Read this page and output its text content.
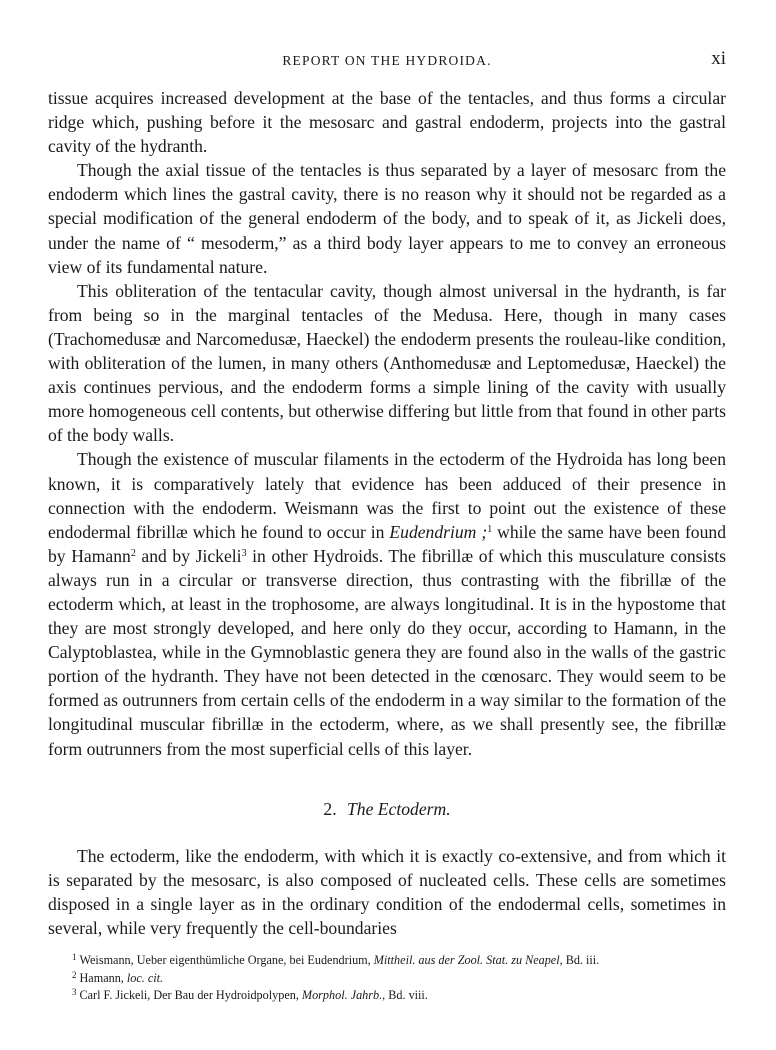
REPORT ON THE HYDROIDA.	xi

tissue acquires increased development at the base of the tentacles, and thus forms a circular ridge which, pushing before it the mesosarc and gastral endoderm, projects into the gastral cavity of the hydranth.

Though the axial tissue of the tentacles is thus separated by a layer of mesosarc from the endoderm which lines the gastral cavity, there is no reason why it should not be regarded as a special modification of the general endoderm of the body, and to speak of it, as Jickeli does, under the name of “ mesoderm,” as a third body layer appears to me to convey an erroneous view of its fundamental nature.

This obliteration of the tentacular cavity, though almost universal in the hydranth, is far from being so in the marginal tentacles of the Medusa. Here, though in many cases (Trachomedusæ and Narcomedusæ, Haeckel) the endoderm presents the rouleau-like condition, with obliteration of the lumen, in many others (Anthomedusæ and Leptomedusæ, Haeckel) the axis continues pervious, and the endoderm forms a simple lining of the cavity with usually more homogeneous cell contents, but otherwise differing but little from that found in other parts of the body walls.

Though the existence of muscular filaments in the ectoderm of the Hydroida has long been known, it is comparatively lately that evidence has been adduced of their presence in connection with the endoderm. Weismann was the first to point out the existence of these endodermal fibrillæ which he found to occur in Eudendrium ;$^1$ while the same have been found by Hamann$^2$ and by Jickeli$^3$ in other Hydroids. The fibrillæ of which this musculature consists always run in a circular or transverse direction, thus contrasting with the fibrillæ of the ectoderm which, at least in the trophosome, are always longitudinal. It is in the hypostome that they are most strongly developed, and here only do they occur, according to Hamann, in the Calyptoblastea, while in the Gymnoblastic genera they are found also in the walls of the gastric portion of the hydranth. They have not been detected in the cœnosarc. They would seem to be formed as outrunners from certain cells of the endoderm in a way similar to the formation of the longitudinal muscular fibrillæ in the ectoderm, where, as we shall presently see, the fibrillæ form outrunners from the most superficial cells of this layer.

2. The Ectoderm.

The ectoderm, like the endoderm, with which it is exactly co-extensive, and from which it is separated by the mesosarc, is also composed of nucleated cells. These cells are sometimes disposed in a single layer as in the ordinary condition of the endodermal cells, sometimes in several, while very frequently the cell-boundaries

$^1$ Weismann, Ueber eigenthümliche Organe, bei Eudendrium, Mittheil. aus der Zool. Stat. zu Neapel, Bd. iii.
$^2$ Hamann, loc. cit.
$^3$ Carl F. Jickeli, Der Bau der Hydroidpolypen, Morphol. Jahrb., Bd. viii.
